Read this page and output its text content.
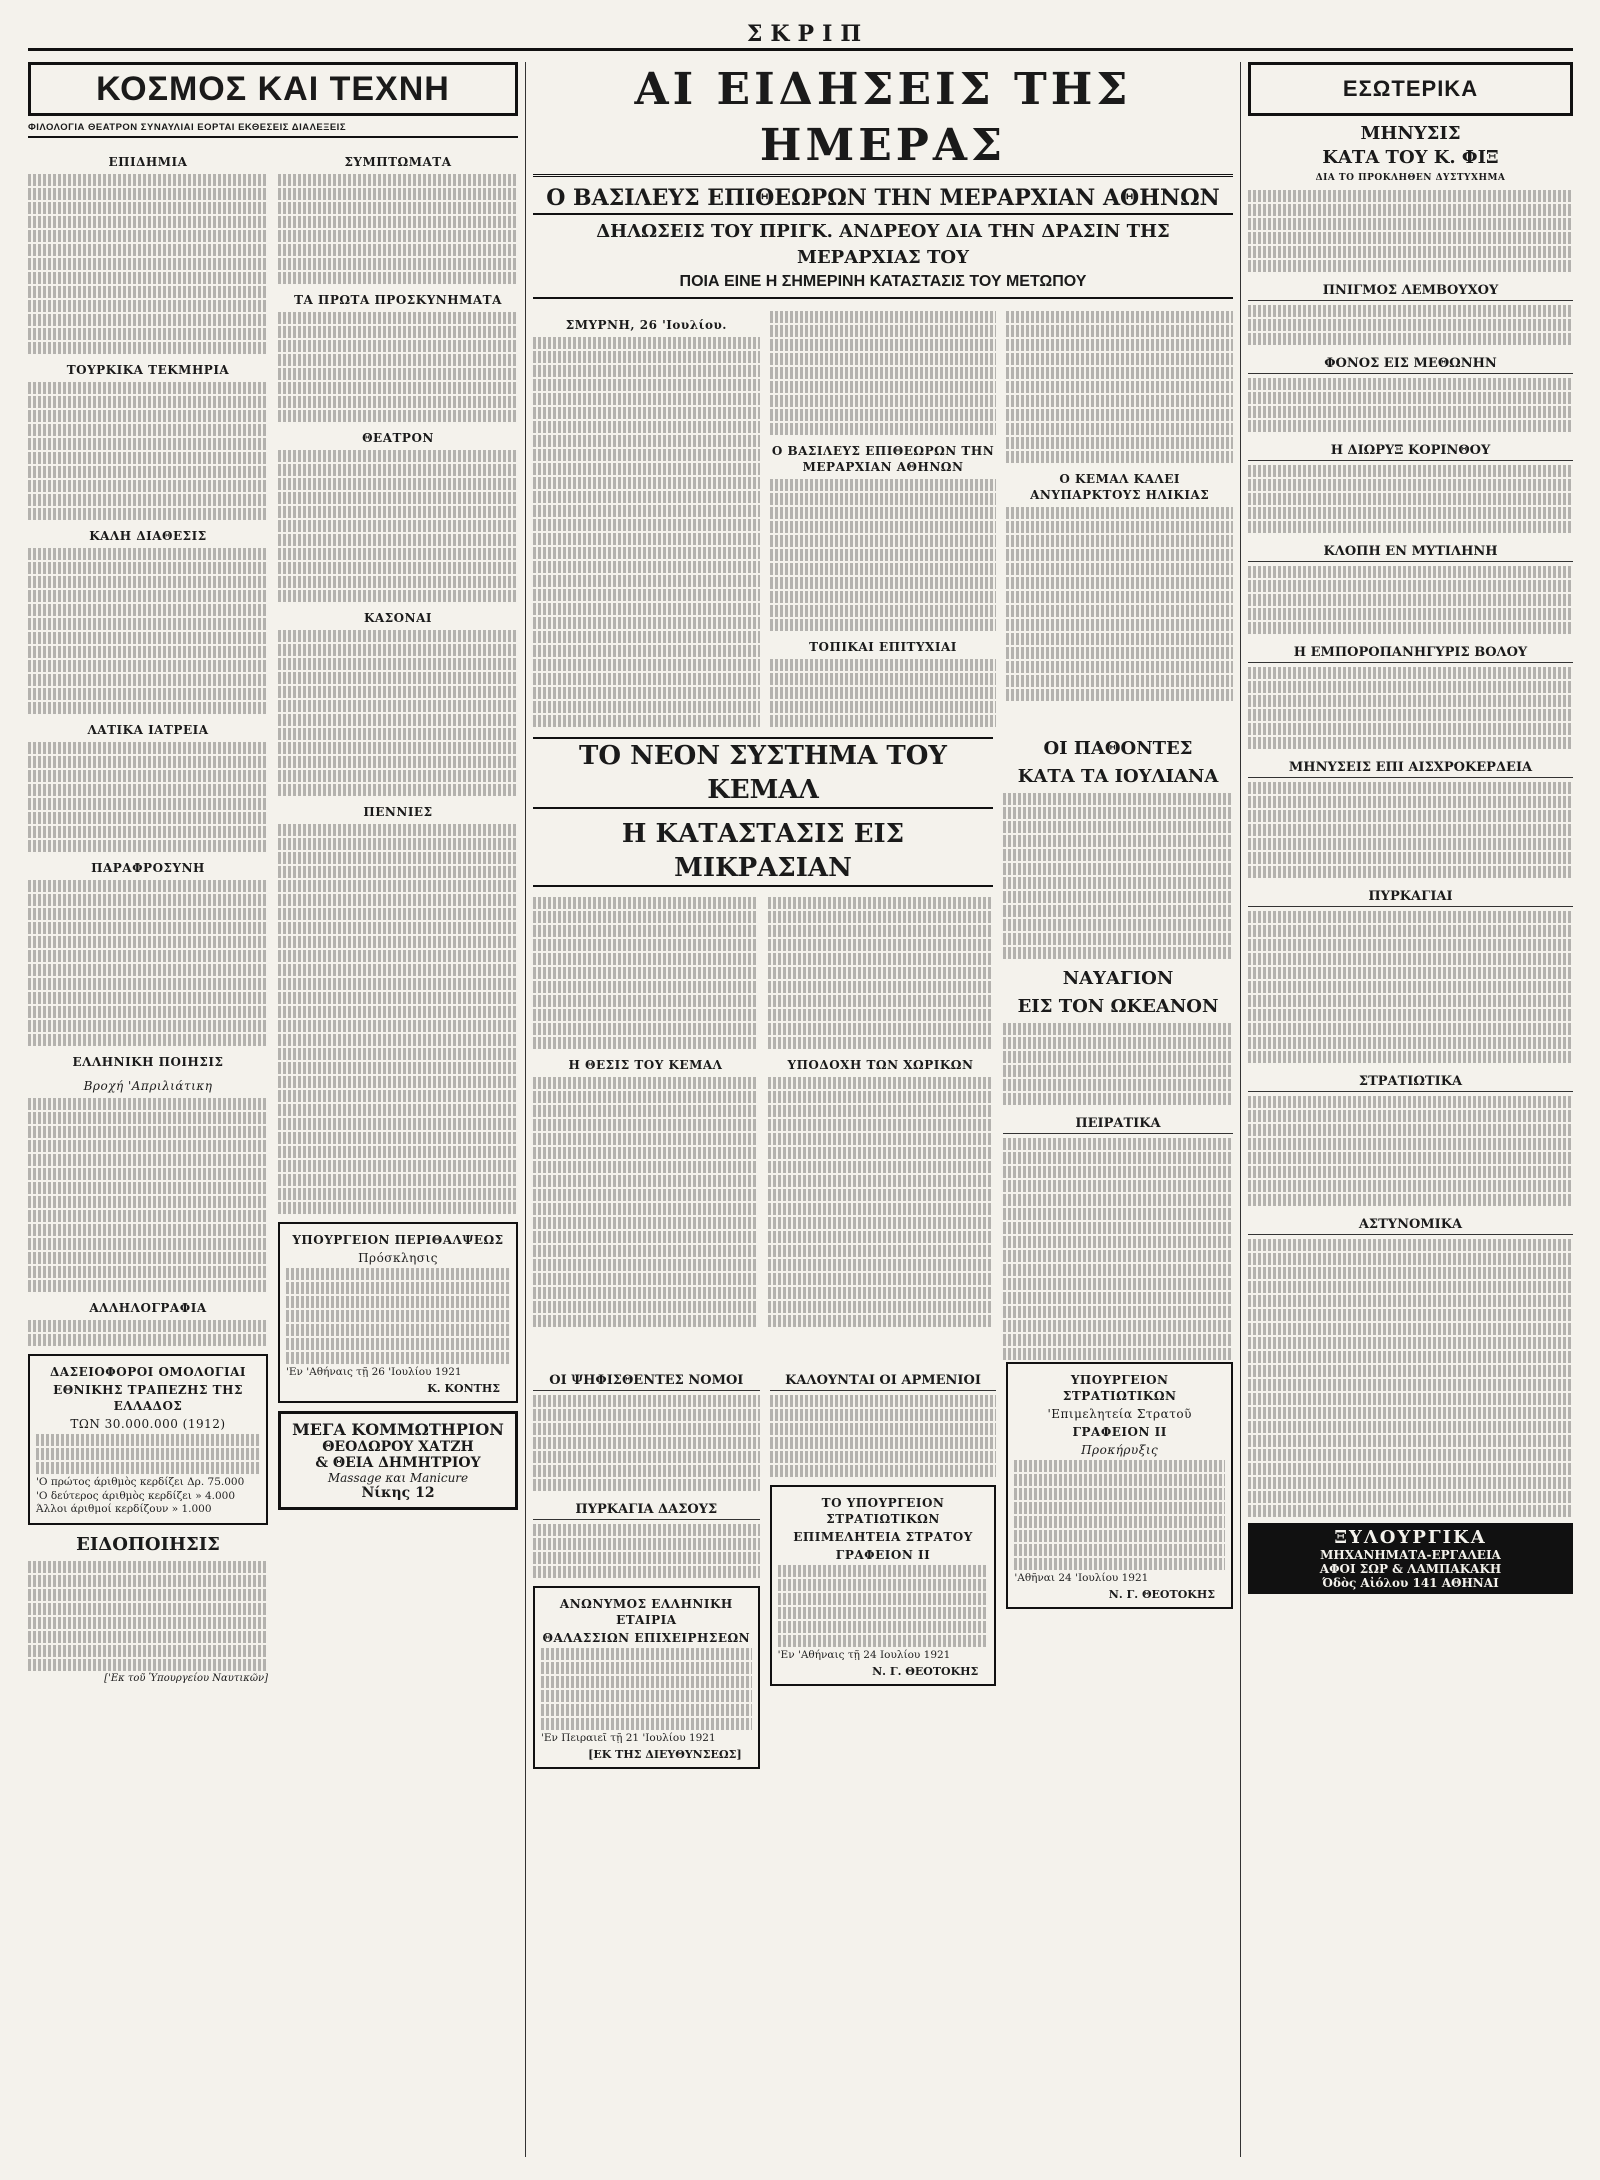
ΣΚΡΙΠ
ΚΟΣΜΟΣ ΚΑΙ ΤΕΧΝΗ
ΦΙΛΟΛΟΓΙΑ ΘΕΑΤΡΟΝ ΣΥΝΑΥΛΙΑΙ ΕΟΡΤΑΙ ΕΚΘΕΣΕΙΣ ΔΙΑΛΕΞΕΙΣ
ΕΠΙΔΗΜΙΑ
ΤΟΥΡΚΙΚΑ ΤΕΚΜΗΡΙΑ
ΚΑΛΗ ΔΙΑΘΕΣΙΣ
ΛΑΤΙΚΑ ΙΑΤΡΕΙΑ
ΠΑΡΑΦΡΟΣΥΝΗ
ΕΛΛΗΝΙΚΗ ΠΟΙΗΣΙΣ
Βροχή 'Απριλιάτικη
ΑΛΛΗΛΟΓΡΑΦΙΑ
ΔΑΣΕΙΟΦΟΡΟΙ ΟΜΟΛΟΓΙΑΙ
ΕΘΝΙΚΗΣ ΤΡΑΠΕΖΗΣ ΤΗΣ ΕΛΛΑΔΟΣ
ΤΩΝ 30.000.000 (1912)
'Ο πρώτος άριθμὸς κερδίζει Δρ. 75.000
'Ο δεύτερος άριθμὸς κερδίζει » 4.000
Άλλοι άριθμοί κερδίζουν » 1.000
ΕΙΔΟΠΟΙΗΣΙΣ
['Εκ τοῦ Ὑπουργείου Ναυτικῶν]
ΣΥΜΠΤΩΜΑΤΑ
ΤΑ ΠΡΩΤΑ ΠΡΟΣΚΥΝΗΜΑΤΑ
ΘΕΑΤΡΟΝ
ΚΑΣΟΝΑΙ
ΠΕΝΝΙΕΣ
ΥΠΟΥΡΓΕΙΟΝ ΠΕΡΙΘΑΛΨΕΩΣ
Πρόσκλησις
'Εν 'Αθήναις τῇ 26 'Ιουλίου 1921
Κ. ΚΟΝΤΗΣ
ΜΕΓΑ ΚΟΜΜΩΤΗΡΙΟΝ
ΘΕΟΔΩΡΟΥ ΧΑΤΖΗ
& ΘΕΙΑ ΔΗΜΗΤΡΙΟΥ
Massage και Manicure
Νίκης 12
ΑΙ ΕΙΔΗΣΕΙΣ ΤΗΣ ΗΜΕΡΑΣ
Ο ΒΑΣΙΛΕΥΣ ΕΠΙΘΕΩΡΩΝ ΤΗΝ ΜΕΡΑΡΧΙΑΝ ΑΘΗΝΩΝ
ΔΗΛΩΣΕΙΣ ΤΟΥ ΠΡΙΓΚ. ΑΝΔΡΕΟΥ ΔΙΑ ΤΗΝ ΔΡΑΣΙΝ ΤΗΣ ΜΕΡΑΡΧΙΑΣ ΤΟΥ
ΠΟΙΑ ΕΙΝΕ Η ΣΗΜΕΡΙΝΗ ΚΑΤΑΣΤΑΣΙΣ ΤΟΥ ΜΕΤΩΠΟΥ
ΣΜΥΡΝΗ, 26 'Ιουλίου.
Ο ΒΑΣΙΛΕΥΣ ΕΠΙΘΕΩΡΩΝ ΤΗΝ ΜΕΡΑΡΧΙΑΝ ΑΘΗΝΩΝ
ΤΟΠΙΚΑΙ ΕΠΙΤΥΧΙΑΙ
Ο ΚΕΜΑΛ ΚΑΛΕΙ ΑΝΥΠΑΡΚΤΟΥΣ ΗΛΙΚΙΑΣ
ΤΟ ΝΕΟΝ ΣΥΣΤΗΜΑ ΤΟΥ ΚΕΜΑΛ
Η ΚΑΤΑΣΤΑΣΙΣ ΕΙΣ ΜΙΚΡΑΣΙΑΝ
Η ΘΕΣΙΣ ΤΟΥ ΚΕΜΑΛ	ΥΠΟΔΟΧΗ ΤΩΝ ΧΩΡΙΚΩΝ
ΟΙ ΠΑΘΟΝΤΕΣ
ΚΑΤΑ ΤΑ ΙΟΥΛΙΑΝΑ
ΝΑΥΑΓΙΟΝ
ΕΙΣ ΤΟΝ ΩΚΕΑΝΟΝ
ΠΕΙΡΑΤΙΚΑ
ΟΙ ΨΗΦΙΣΘΕΝΤΕΣ ΝΟΜΟΙ
ΠΥΡΚΑΓΙΑ ΔΑΣΟΥΣ
ΑΝΩΝΥΜΟΣ ΕΛΛΗΝΙΚΗ ΕΤΑΙΡΙΑ
ΘΑΛΑΣΣΙΩΝ ΕΠΙΧΕΙΡΗΣΕΩΝ
'Εν Πειραιεῖ τῇ 21 'Ιουλίου 1921
[ΕΚ ΤΗΣ ΔΙΕΥΘΥΝΣΕΩΣ]
ΚΑΛΟΥΝΤΑΙ ΟΙ ΑΡΜΕΝΙΟΙ
ΤΟ ΥΠΟΥΡΓΕΙΟΝ ΣΤΡΑΤΙΩΤΙΚΩΝ
ΕΠΙΜΕΛΗΤΕΙΑ ΣΤΡΑΤΟΥ
ΓΡΑΦΕΙΟΝ ΙΙ
'Εν 'Αθήναις τῇ 24 Ιουλίου 1921
Ν. Γ. ΘΕΟΤΟΚΗΣ
ΥΠΟΥΡΓΕΙΟΝ ΣΤΡΑΤΙΩΤΙΚΩΝ
'Επιμελητεία Στρατοῦ
ΓΡΑΦΕΙΟΝ ΙΙ
Προκήρυξις
'Αθῆναι 24 'Ιουλίου 1921
Ν. Γ. ΘΕΟΤΟΚΗΣ
ΕΣΩΤΕΡΙΚΑ
ΜΗΝΥΣΙΣ
ΚΑΤΑ ΤΟΥ Κ. ΦΙΞ
ΔΙΑ ΤΟ ΠΡΟΚΛΗΘΕΝ ΔΥΣΤΥΧΗΜΑ
ΠΝΙΓΜΟΣ ΛΕΜΒΟΥΧΟΥ
ΦΟΝΟΣ ΕΙΣ ΜΕΘΩΝΗΝ
Η ΔΙΩΡΥΞ ΚΟΡΙΝΘΟΥ
ΚΛΟΠΗ ΕΝ ΜΥΤΙΛΗΝΗ
Η ΕΜΠΟΡΟΠΑΝΗΓΥΡΙΣ ΒΟΛΟΥ
ΜΗΝΥΣΕΙΣ ΕΠΙ ΑΙΣΧΡΟΚΕΡΔΕΙΑ
ΠΥΡΚΑΓΙΑΙ
ΣΤΡΑΤΙΩΤΙΚΑ
ΑΣΤΥΝΟΜΙΚΑ
ΞΥΛΟΥΡΓΙΚΑ
ΜΗΧΑΝΗΜΑΤΑ-ΕΡΓΑΛΕΙΑ
ΑΦΟΙ ΣΩΡ & ΛΑΜΠΑΚΑΚΗ
Όδὸς Αἰόλου 141 ΑΘΗΝΑΙ
